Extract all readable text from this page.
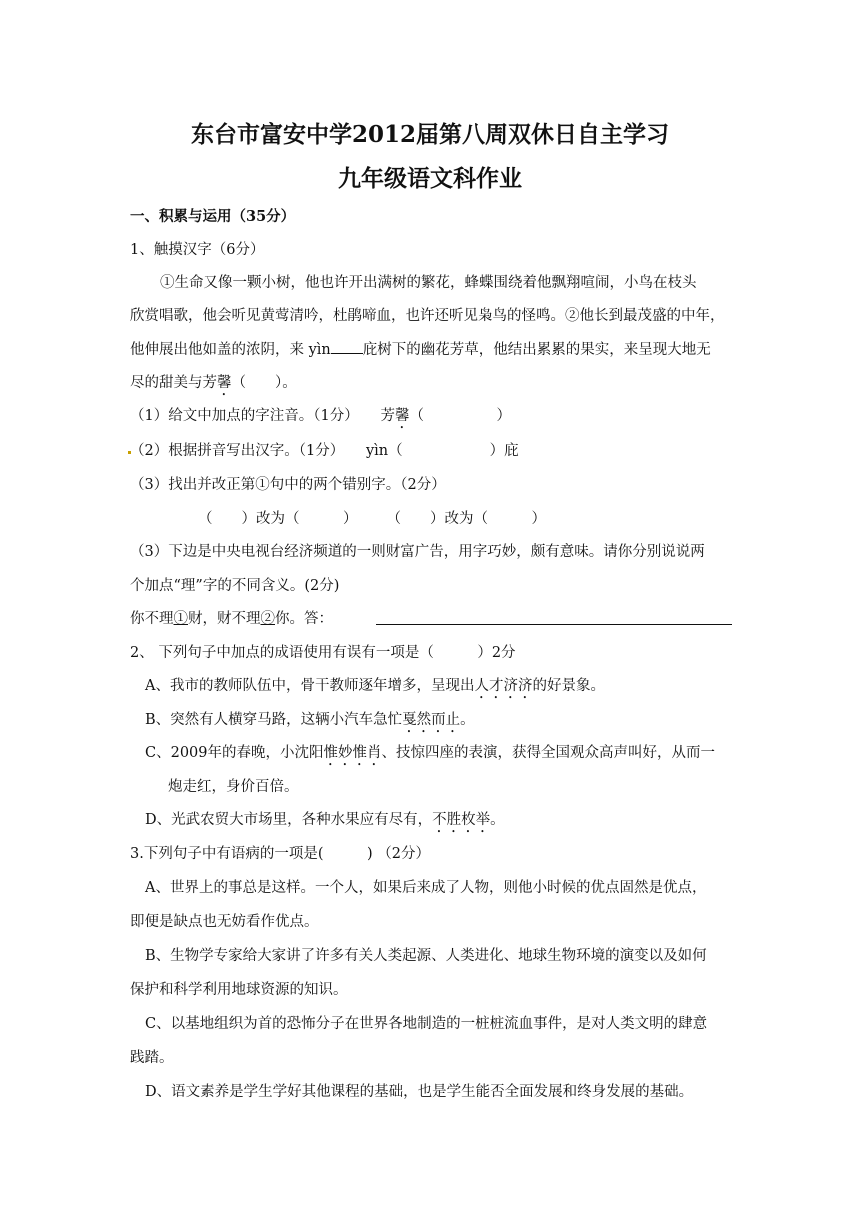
东台市富安中学2012届第八周双休日自主学习
九年级语文科作业
一、积累与运用（35分）
1、触摸汉字（6分）
①生命又像一颗小树，他也许开出满树的繁花，蜂蝶围绕着他飘翔喧闹，小鸟在枝头
欣赏唱歌，他会听见黄莺清吟，杜鹃啼血，也许还听见枭鸟的怪鸣。②他长到最茂盛的中年，
他伸展出他如盖的浓阴，来 yìn 庇树下的幽花芳草，他结出累累的果实，来呈现大地无
尽的甜美与芳馨（　　）。
（1）给文中加点的字注音。（1分）　　芳馨（　　　　　）
（2）根据拼音写出汉字。（1分）　　yìn（　　　　　　）庇
（3）找出并改正第①句中的两个错别字。（2分）
（　　）改为（　　　）　　　（　　）改为（　　　）
（3）下边是中央电视台经济频道的一则财富广告，用字巧妙，颇有意味。请你分别说说两
个加点“理”字的不同含义。(2分)
你不理①财，财不理②你。答：
2、 下列句子中加点的成语使用有误有一项是（　　　）2分
A、我市的教师队伍中，骨干教师逐年增多，呈现出人才济济的好景象。
B、突然有人横穿马路，这辆小汽车急忙戛然而止。
C、2009年的春晚，小沈阳惟妙惟肖、技惊四座的表演，获得全国观众高声叫好，从而一
炮走红，身价百倍。
D、光武农贸大市场里，各种水果应有尽有，不胜枚举。
3.下列句子中有语病的一项是(　　　) （2分）
A、世界上的事总是这样。一个人，如果后来成了人物，则他小时候的优点固然是优点，
即便是缺点也无妨看作优点。
B、生物学专家给大家讲了许多有关人类起源、人类进化、地球生物环境的演变以及如何
保护和科学利用地球资源的知识。
C、以基地组织为首的恐怖分子在世界各地制造的一桩桩流血事件，是对人类文明的肆意
践踏。
D、语文素养是学生学好其他课程的基础，也是学生能否全面发展和终身发展的基础。
